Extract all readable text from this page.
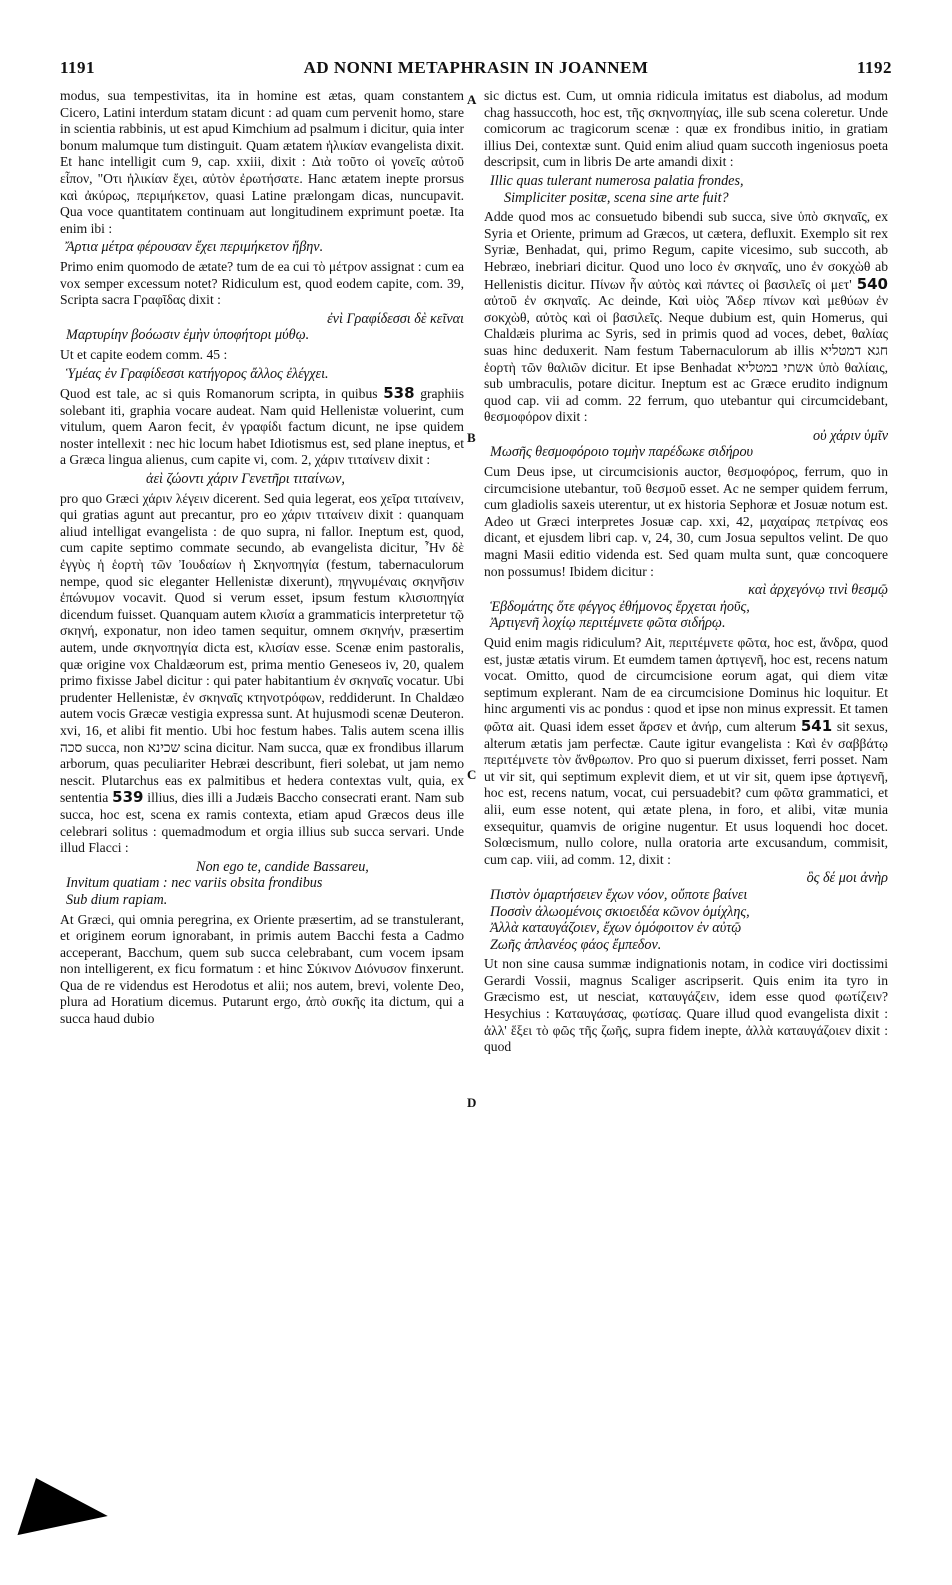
1191	AD NONNI METAPHRASIN IN JOANNEM	1192
A
B
C
D

modus, sua tempestivitas, ita in homine est ætas, quam constantem Cicero, Latini interdum statam dicunt : ad quam cum pervenit homo, stare in scientia rabbinis, ut est apud Kimchium ad psalmum i dicitur, quia inter bonum malumque tum distinguit. Quam ætatem ἡλικίαν evangelista dixit. Et hanc intelligit cum 9, cap. xxiii, dixit : Διὰ τοῦτο οἱ γονεῖς αὐτοῦ εἶπον, "Οτι ἡλικίαν ἔχει, αὐτὸν ἐρωτήσατε. Hanc ætatem inepte prorsus καὶ ἀκύρως, περιμήκετον, quasi Latine prælongam dicas, nuncupavit. Qua voce quantitatem continuam aut longitudinem exprimunt poetæ. Ita enim ibi :

Ἄρτια μέτρα φέρουσαν ἔχει περιμήκετον ἥβην.

Primo enim quomodo de ætate? tum de ea cui τὸ μέτρον assignat : cum ea vox semper excessum notet? Ridiculum est, quod eodem capite, com. 39, Scripta sacra Γραφῖδας dixit :

ἐνὶ Γραφίδεσσι δὲ κεῖναι
Μαρτυρίην βοόωσιν ἐμὴν ὑποφήτορι μύθῳ.

Ut et capite eodem comm. 45 :

Ὑμέας ἐν Γραφίδεσσι κατήγορος ἄλλος ἐλέγχει.

Quod est tale, ac si quis Romanorum scripta, in quibus 538 graphiis solebant iti, graphia vocare audeat. Nam quid Hellenistæ voluerint, cum vitulum, quem Aaron fecit, ἐν γραφίδι factum dicunt, ne ipse quidem noster intellexit : nec hic locum habet Idiotismus est, sed plane ineptus, et a Græca lingua alienus, cum capite vi, com. 2, χάριν τιταίνειν dixit :

ἀεὶ ζώοντι χάριν Γενετῆρι τιταίνων,

pro quo Græci χάριν λέγειν dicerent. Sed quia legerat, eos χεῖρα τιταίνειν, qui gratias agunt aut precantur, pro eo χάριν τιταίνειν dixit : quanquam aliud intelligat evangelista : de quo supra, ni fallor. Ineptum est, quod, cum capite septimo commate secundo, ab evangelista dicitur, Ἦν δὲ ἐγγὺς ἡ ἑορτὴ τῶν Ἰουδαίων ἡ Σκηνοπηγία (festum, tabernaculorum nempe, quod sic eleganter Hellenistæ dixerunt), πηγνυμέναις σκηνῆσιν ἐπώνυμον vocavit. Quod si verum esset, ipsum festum κλισιοπηγία dicendum fuisset. Quanquam autem κλισία a grammaticis interpretetur τῷ σκηνή, exponatur, non ideo tamen sequitur, omnem σκηνήν, præsertim autem, unde σκηνοπηγία dicta est, κλισίαν esse. Scenæ enim pastoralis, quæ origine vox Chaldæorum est, prima mentio Geneseos iv, 20, qualem primo fixisse Jabel dicitur : qui pater habitantium ἐν σκηναῖς vocatur. Ubi prudenter Hellenistæ, ἐν σκηναῖς κτηνοτρόφων, reddiderunt. In Chaldæo autem vocis Græcæ vestigia expressa sunt. At hujusmodi scenæ Deuteron. xvi, 16, et alibi fit mentio. Ubi hoc festum habes. Talis autem scena illis סכה succa, non שכינא scina dicitur. Nam succa, quæ ex frondibus illarum arborum, quas peculiariter Hebræi describunt, fieri solebat, ut jam nemo nescit. Plutarchus eas ex palmitibus et hedera contextas vult, quia, ex sententia 539 illius, dies illi a Judæis Baccho consecrati erant. Nam sub succa, hoc est, scena ex ramis contexta, etiam apud Græcos deus ille celebrari solitus : quemadmodum et orgia illius sub succa servari. Unde illud Flacci :

Non ego te, candide Bassareu,
Invitum quatiam : nec variis obsita frondibus
Sub dium rapiam.

At Græci, qui omnia peregrina, ex Oriente præsertim, ad se transtulerant, et originem eorum ignorabant, in primis autem Bacchi festa a Cadmo acceperant, Bacchum, quem sub succa celebrabant, cum vocem ipsam non intelligerent, ex ficu formatum : et hinc Σύκινον Διόνυσον finxerunt. Qua de re videndus est Herodotus et alii; nos autem, brevi, volente Deo, plura ad Horatium dicemus. Putarunt ergo, ἀπὸ συκῆς ita dictum, qui a succa haud dubio

sic dictus est. Cum, ut omnia ridicula imitatus est diabolus, ad modum chag hassuccoth, hoc est, τῆς σκηνοπηγίας, ille sub scena coleretur. Unde comicorum ac tragicorum scenæ : quæ ex frondibus initio, in gratiam illius Dei, contextæ sunt. Quid enim aliud quam succoth ingeniosus poeta descripsit, cum in libris De arte amandi dixit :

Illic quas tulerant numerosa palatia frondes,
Simpliciter positæ, scena sine arte fuit?

Adde quod mos ac consuetudo bibendi sub succa, sive ὑπὸ σκηναῖς, ex Syria et Oriente, primum ad Græcos, ut cætera, defluxit. Exemplo sit rex Syriæ, Benhadat, qui, primo Regum, capite vicesimo, sub succoth, ab Hebræo, inebriari dicitur. Quod uno loco ἐν σκηναῖς, uno ἐν σοκχὼθ ab Hellenistis dicitur. Πίνων ἦν αὐτὸς καὶ πάντες οἱ βασιλεῖς οἱ μετ' 540 αὐτοῦ ἐν σκηναῖς. Ac deinde, Καὶ υἱὸς Ἄδερ πίνων καὶ μεθύων ἐν σοκχὼθ, αὐτὸς καὶ οἱ βασιλεῖς. Neque dubium est, quin Homerus, qui Chaldæis plurima ac Syris, sed in primis quod ad voces, debet, θαλίας suas hinc deduxerit. Nam festum Tabernaculorum ab illis חגא דמטליא ἑορτὴ τῶν θαλιῶν dicitur. Et ipse Benhadat אשתי במטליא ὑπὸ θαλίαις, sub umbraculis, potare dicitur. Ineptum est ac Græce erudito indignum quod cap. vii ad comm. 22 ferrum, quo utebantur qui circumcidebant, θεσμοφόρον dixit :

οὐ χάριν ὑμῖν
Μωσῆς θεσμοφόροιο τομὴν παρέδωκε σιδήρου

Cum Deus ipse, ut circumcisionis auctor, θεσμοφόρος, ferrum, quo in circumcisione utebantur, τοῦ θεσμοῦ esset. Ac ne semper quidem ferrum, cum gladiolis saxeis uterentur, ut ex historia Sephoræ et Josuæ notum est. Adeo ut Græci interpretes Josuæ cap. xxi, 42, μαχαίρας πετρίνας eos dicant, et ejusdem libri cap. v, 24, 30, cum Josua sepultos velint. De quo magni Masii editio videnda est. Sed quam multa sunt, quæ concoquere non possumus! Ibidem dicitur :

καὶ ἀρχεγόνῳ τινὶ θεσμῷ
Ἑβδομάτης ὅτε φέγγος ἐθήμονος ἔρχεται ἠοῦς,
Ἀρτιγενῆ λοχίῳ περιτέμνετε φῶτα σιδήρῳ.

Quid enim magis ridiculum? Ait, περιτέμνετε φῶτα, hoc est, ἄνδρα, quod est, justæ ætatis virum. Et eumdem tamen ἀρτιγενῆ, hoc est, recens natum vocat. Omitto, quod de circumcisione eorum agat, qui diem vitæ septimum explerant. Nam de ea circumcisione Dominus hic loquitur. Et hinc argumenti vis ac pondus : quod et ipse non minus expressit. Et tamen φῶτα ait. Quasi idem esset ἄρσεν et ἀνήρ, cum alterum 541 sit sexus, alterum ætatis jam perfectæ. Caute igitur evangelista : Καὶ ἐν σαββάτῳ περιτέμνετε τὸν ἄνθρωπον. Pro quo si puerum dixisset, ferri posset. Nam ut vir sit, qui septimum explevit diem, et ut vir sit, quem ipse ἀρτιγενῆ, hoc est, recens natum, vocat, cui persuadebit? cum φῶτα grammatici, et alii, eum esse notent, qui ætate plena, in foro, et alibi, vitæ munia exsequitur, quamvis de origine nugentur. Et usus loquendi hoc docet. Solœcismum, nullo colore, nulla oratoria arte excusandum, commisit, cum cap. viii, ad comm. 12, dixit :

ὃς δέ μοι ἀνὴρ
Πιστὸν ὁμαρτήσειεν ἔχων νόον, οὔποτε βαίνει
Ποσσὶν ἀλωομένοις σκιοειδέα κῶνον ὁμίχλης,
Ἀλλὰ καταυγάζοιεν, ἔχων ὁμόφοιτον ἐν αὐτῷ
Ζωῆς ἀπλανέος φάος ἔμπεδον.

Ut non sine causa summæ indignationis notam, in codice viri doctissimi Gerardi Vossii, magnus Scaliger ascripserit. Quis enim ita tyro in Græcismo est, ut nesciat, καταυγάζειν, idem esse quod φωτίζειν? Hesychius : Καταυγάσας, φωτίσας. Quare illud quod evangelista dixit : ἀλλ' ἕξει τὸ φῶς τῆς ζωῆς, supra fidem inepte, ἀλλὰ καταυγάζοιεν dixit : quod
